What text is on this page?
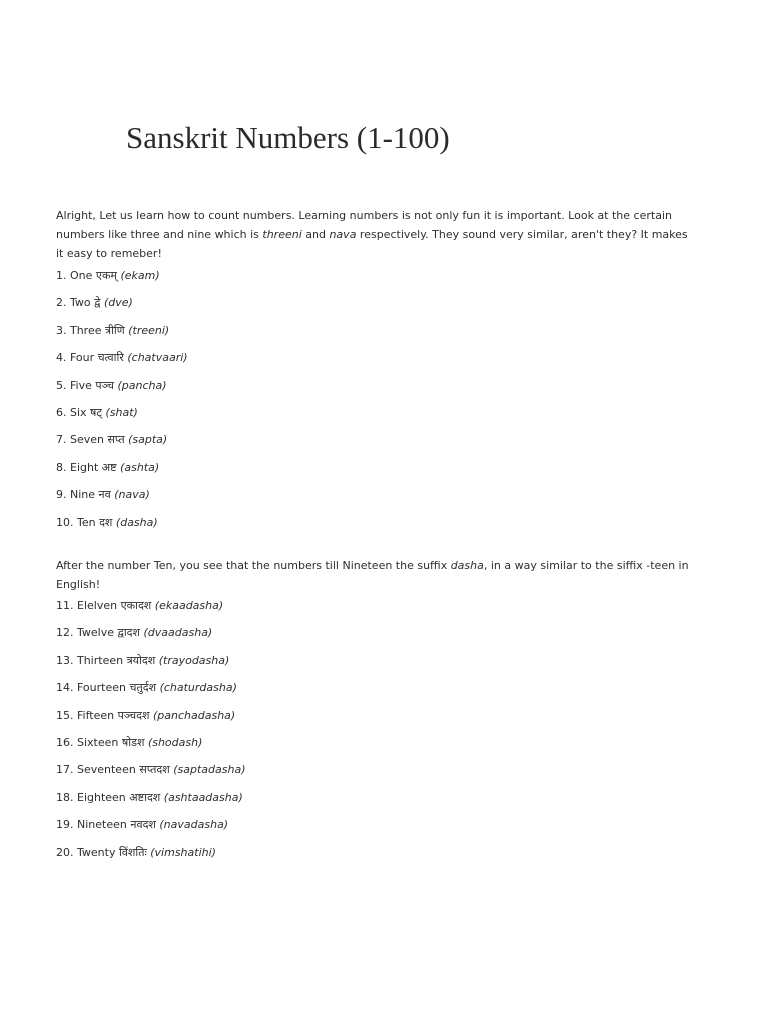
Sanskrit Numbers (1-100)

Alright, Let us learn how to count numbers. Learning numbers is not only fun it is important. Look at the certain numbers like three and nine which is threeni and nava respectively. They sound very similar, aren't they? It makes it easy to remeber!

1. One एकम् (ekam)
2. Two द्वे (dve)
3. Three त्रीणि (treeni)
4. Four चत्वारि (chatvaari)
5. Five पञ्च (pancha)
6. Six षट् (shat)
7. Seven सप्त (sapta)
8. Eight अष्ट (ashta)
9. Nine नव (nava)
10. Ten दश (dasha)

After the number Ten, you see that the numbers till Nineteen the suffix dasha, in a way similar to the siffix -teen in English!

11. Elelven एकादश (ekaadasha)
12. Twelve द्वादश (dvaadasha)
13. Thirteen त्रयोदश (trayodasha)
14. Fourteen चतुर्दश (chaturdasha)
15. Fifteen पञ्चदश (panchadasha)
16. Sixteen षोडश (shodash)
17. Seventeen सप्तदश (saptadasha)
18. Eighteen अष्टादश (ashtaadasha)
19. Nineteen नवदश (navadasha)
20. Twenty विंशतिः (vimshatihi)
